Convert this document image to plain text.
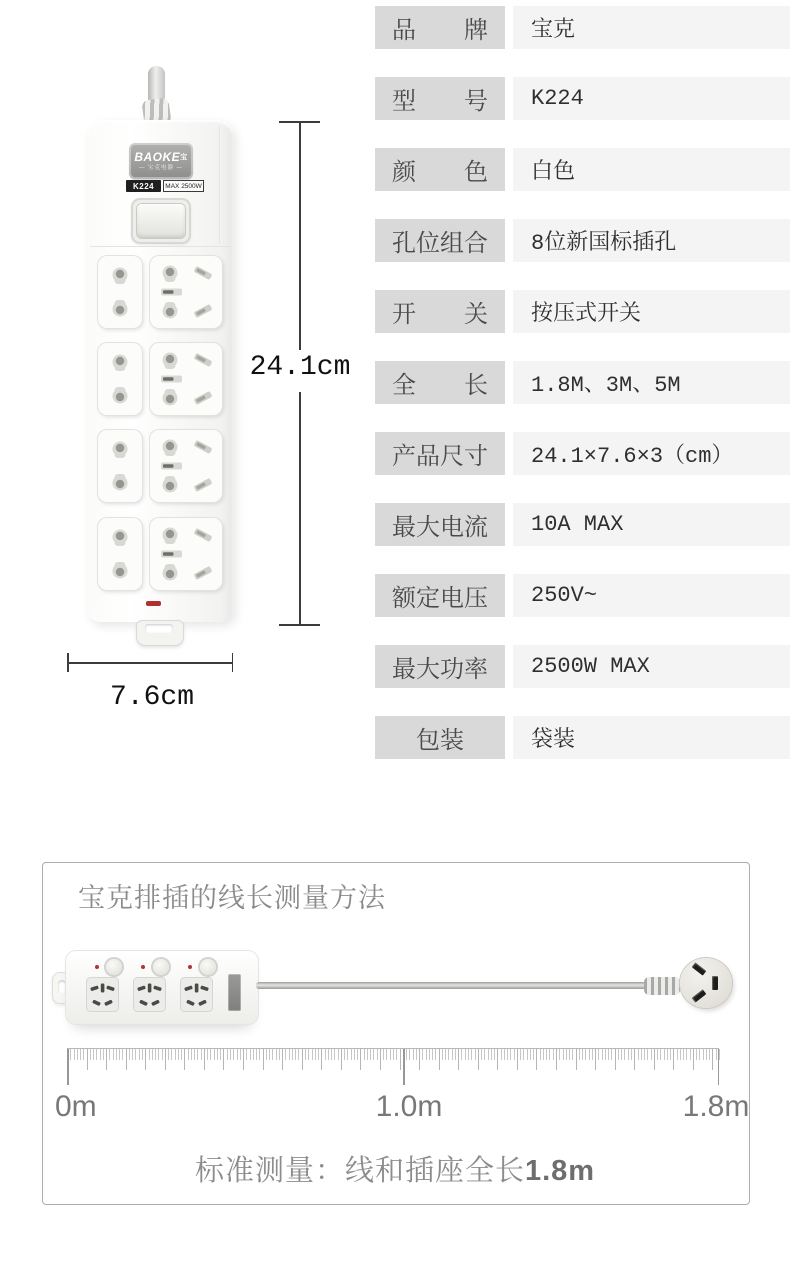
$BAOKE^宝$
— 宝克电器 —
K224	MAX 2500W
24.1cm
7.6cm
品　　牌	宝克
型　　号	K224
颜　　色	白色
孔位组合	8位新国标插孔
开　　关	按压式开关
全　　长	1.8M、3M、5M
产品尺寸	24.1×7.6×3（cm）
最大电流	10A MAX
额定电压	250V~
最大功率	2500W MAX
包装	袋装
宝克排插的线长测量方法
0m	1.0m	1.8m
标准测量：线和插座全长1.8m
